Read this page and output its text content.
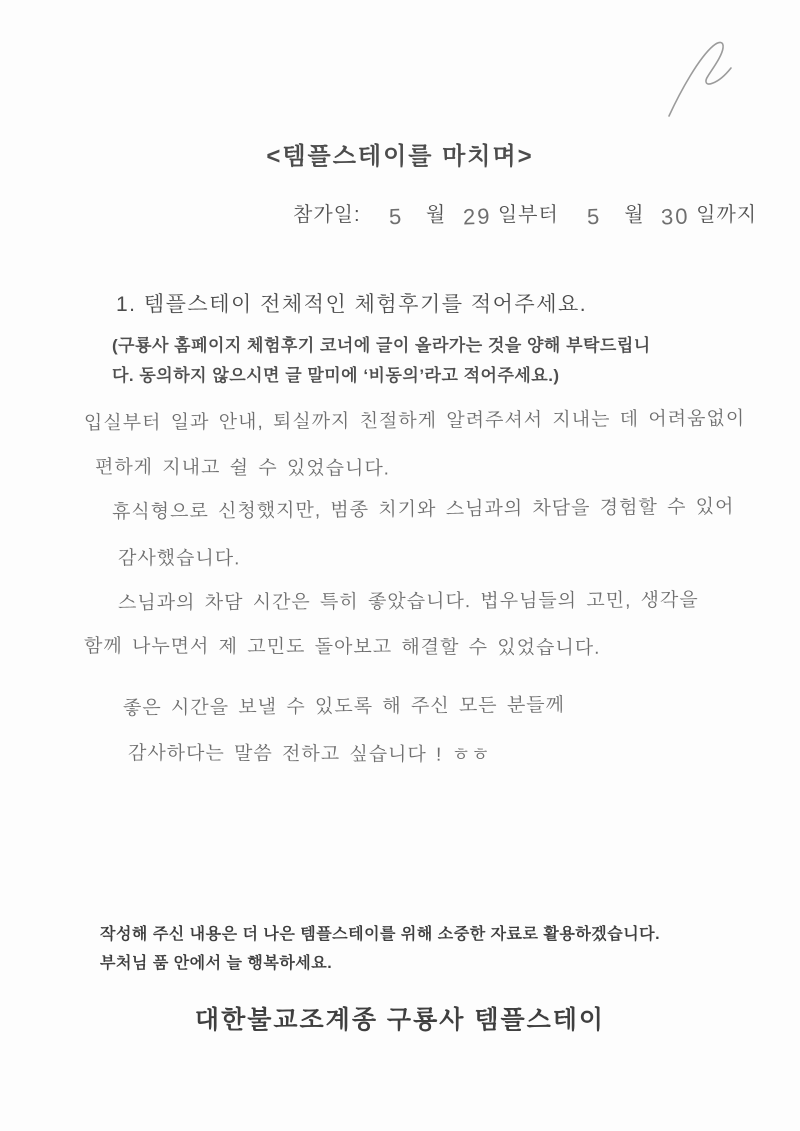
<템플스테이를 마치며>
참가일: 5 월 29 일부터 5 월 30 일까지
1. 템플스테이 전체적인 체험후기를 적어주세요.
(구룡사 홈페이지 체험후기 코너에 글이 올라가는 것을 양해 부탁드립니
다. 동의하지 않으시면 글 말미에 ‘비동의’라고 적어주세요.)
입실부터 일과 안내, 퇴실까지 친절하게 알려주셔서 지내는 데 어려움없이
편하게 지내고 쉴 수 있었습니다.
휴식형으로 신청했지만, 범종 치기와 스님과의 차담을 경험할 수 있어
감사했습니다.
스님과의 차담 시간은 특히 좋았습니다. 법우님들의 고민, 생각을
함께 나누면서 제 고민도 돌아보고 해결할 수 있었습니다.
좋은 시간을 보낼 수 있도록 해 주신 모든 분들께
감사하다는 말씀 전하고 싶습니다 ! ㅎㅎ
작성해 주신 내용은 더 나은 템플스테이를 위해 소중한 자료로 활용하겠습니다.
부처님 품 안에서 늘 행복하세요.
대한불교조계종 구룡사 템플스테이
